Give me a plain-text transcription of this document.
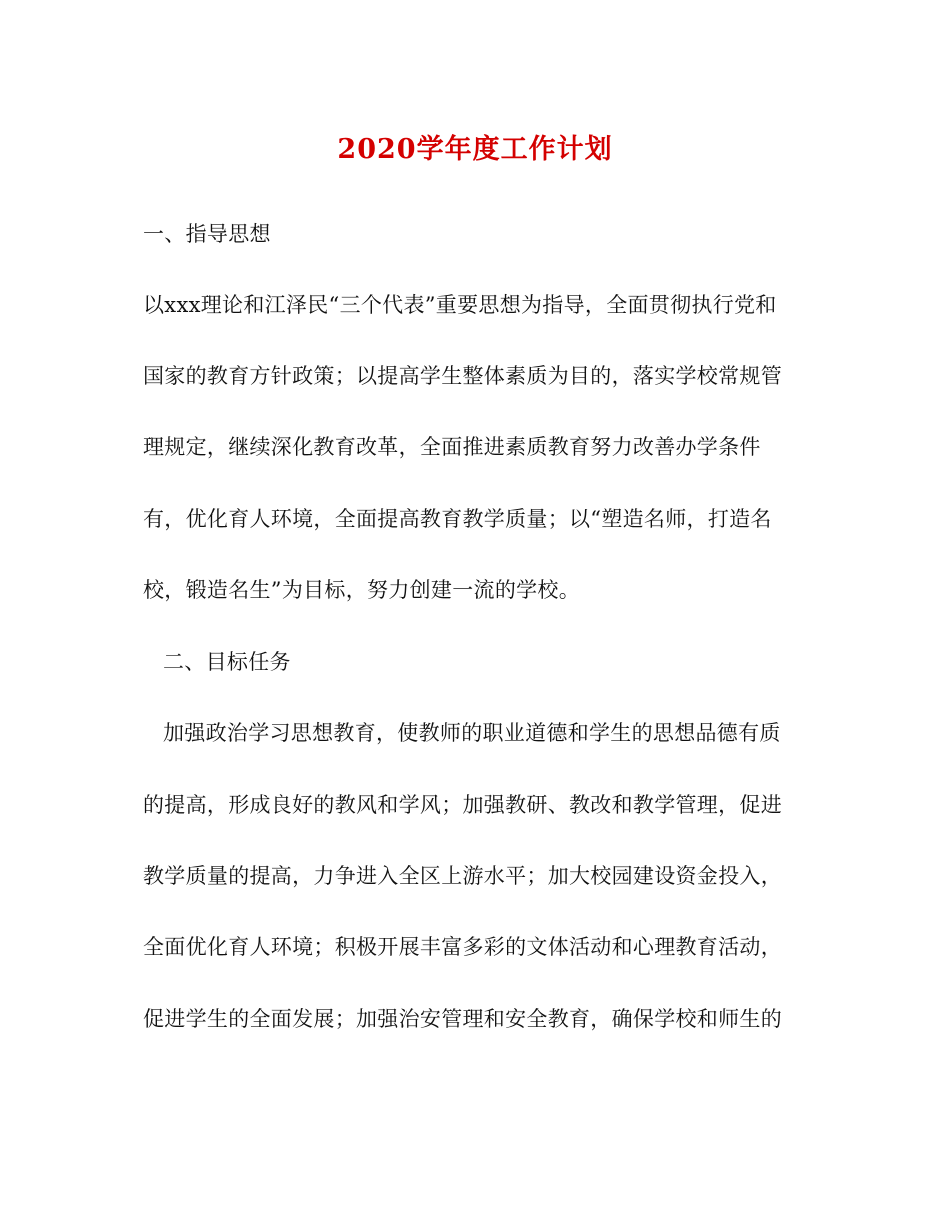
2020学年度工作计划
一、指导思想
以xxx理论和江泽民“三个代表”重要思想为指导，全面贯彻执行党和
国家的教育方针政策；以提高学生整体素质为目的，落实学校常规管
理规定，继续深化教育改革，全面推进素质教育努力改善办学条件
有，优化育人环境，全面提高教育教学质量；以“塑造名师，打造名
校，锻造名生”为目标，努力创建一流的学校。
二、目标任务
加强政治学习思想教育，使教师的职业道德和学生的思想品德有质
的提高，形成良好的教风和学风；加强教研、教改和教学管理，促进
教学质量的提高，力争进入全区上游水平；加大校园建设资金投入，
全面优化育人环境；积极开展丰富多彩的文体活动和心理教育活动，
促进学生的全面发展；加强治安管理和安全教育，确保学校和师生的
